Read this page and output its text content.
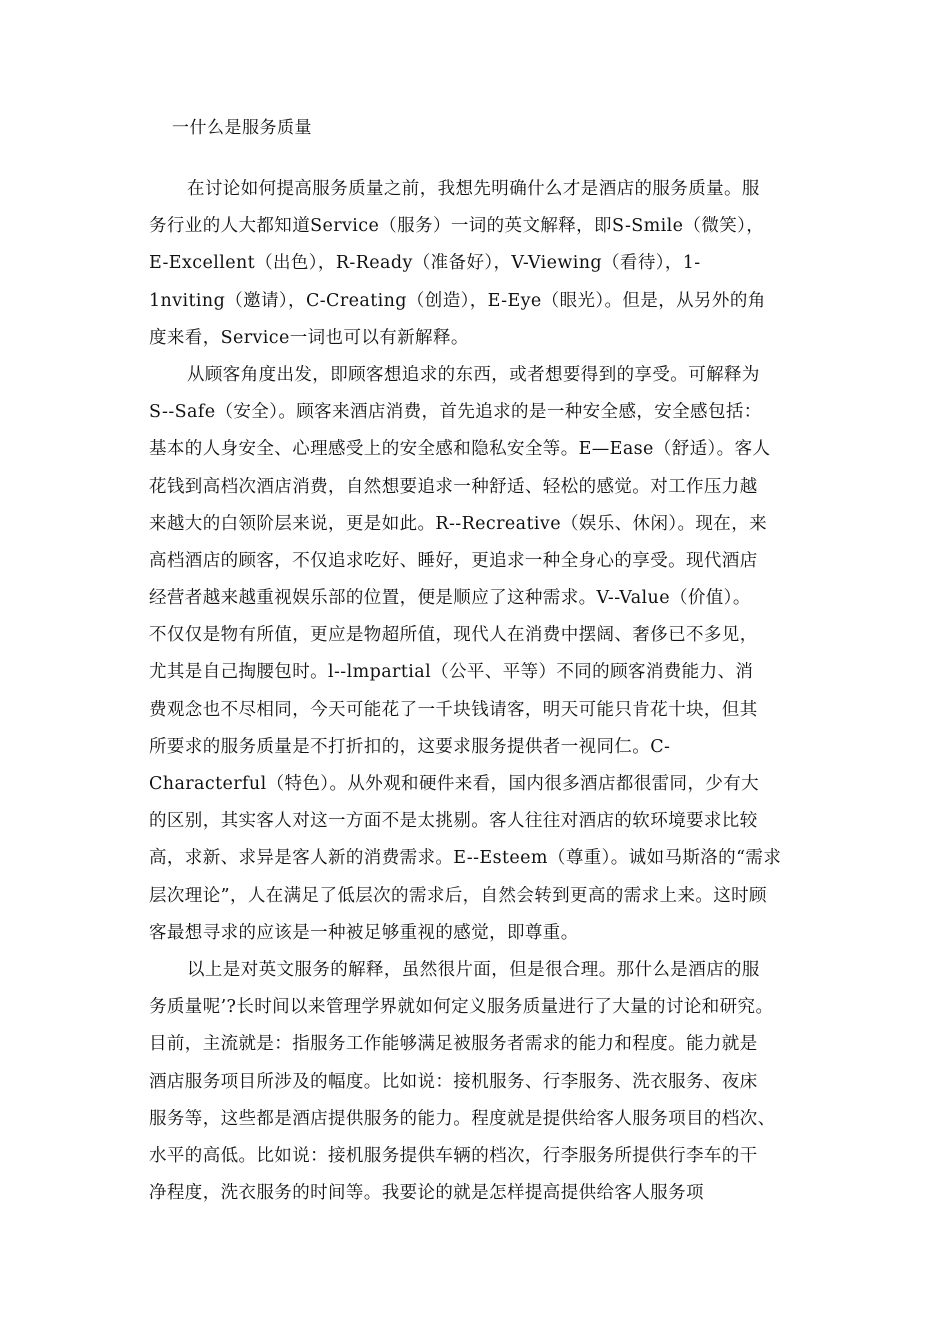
一什么是服务质量
在讨论如何提高服务质量之前，我想先明确什么才是酒店的服务质量。服
务行业的人大都知道Service（服务）一词的英文解释，即S-Smile（微笑），
E-Excellent（出色），R-Ready（准备好），V-Viewing（看待），1-
1nviting（邀请），C-Creating（创造），E-Eye（眼光）。但是，从另外的角
度来看，Service一词也可以有新解释。
从顾客角度出发，即顾客想追求的东西，或者想要得到的享受。可解释为
S--Safe（安全）。顾客来酒店消费，首先追求的是一种安全感，安全感包括：
基本的人身安全、心理感受上的安全感和隐私安全等。E—Ease（舒适）。客人
花钱到高档次酒店消费，自然想要追求一种舒适、轻松的感觉。对工作压力越
来越大的白领阶层来说，更是如此。R--Recreative（娱乐、休闲）。现在，来
高档酒店的顾客，不仅追求吃好、睡好，更追求一种全身心的享受。现代酒店
经营者越来越重视娱乐部的位置，便是顺应了这种需求。V--Value（价值）。
不仅仅是物有所值，更应是物超所值，现代人在消费中摆阔、奢侈已不多见，
尤其是自己掏腰包时。l--lmpartial（公平、平等）不同的顾客消费能力、消
费观念也不尽相同，今天可能花了一千块钱请客，明天可能只肯花十块，但其
所要求的服务质量是不打折扣的，这要求服务提供者一视同仁。C-
Characterful（特色）。从外观和硬件来看，国内很多酒店都很雷同，少有大
的区别，其实客人对这一方面不是太挑剔。客人往往对酒店的软环境要求比较
高，求新、求异是客人新的消费需求。E--Esteem（尊重）。诚如马斯洛的“需求
层次理论”，人在满足了低层次的需求后，自然会转到更高的需求上来。这时顾
客最想寻求的应该是一种被足够重视的感觉，即尊重。
以上是对英文服务的解释，虽然很片面，但是很合理。那什么是酒店的服
务质量呢’?长时间以来管理学界就如何定义服务质量进行了大量的讨论和研究。
目前，主流就是：指服务工作能够满足被服务者需求的能力和程度。能力就是
酒店服务项目所涉及的幅度。比如说：接机服务、行李服务、洗衣服务、夜床
服务等，这些都是酒店提供服务的能力。程度就是提供给客人服务项目的档次、
水平的高低。比如说：接机服务提供车辆的档次，行李服务所提供行李车的干
净程度，洗衣服务的时间等。我要论的就是怎样提高提供给客人服务项
